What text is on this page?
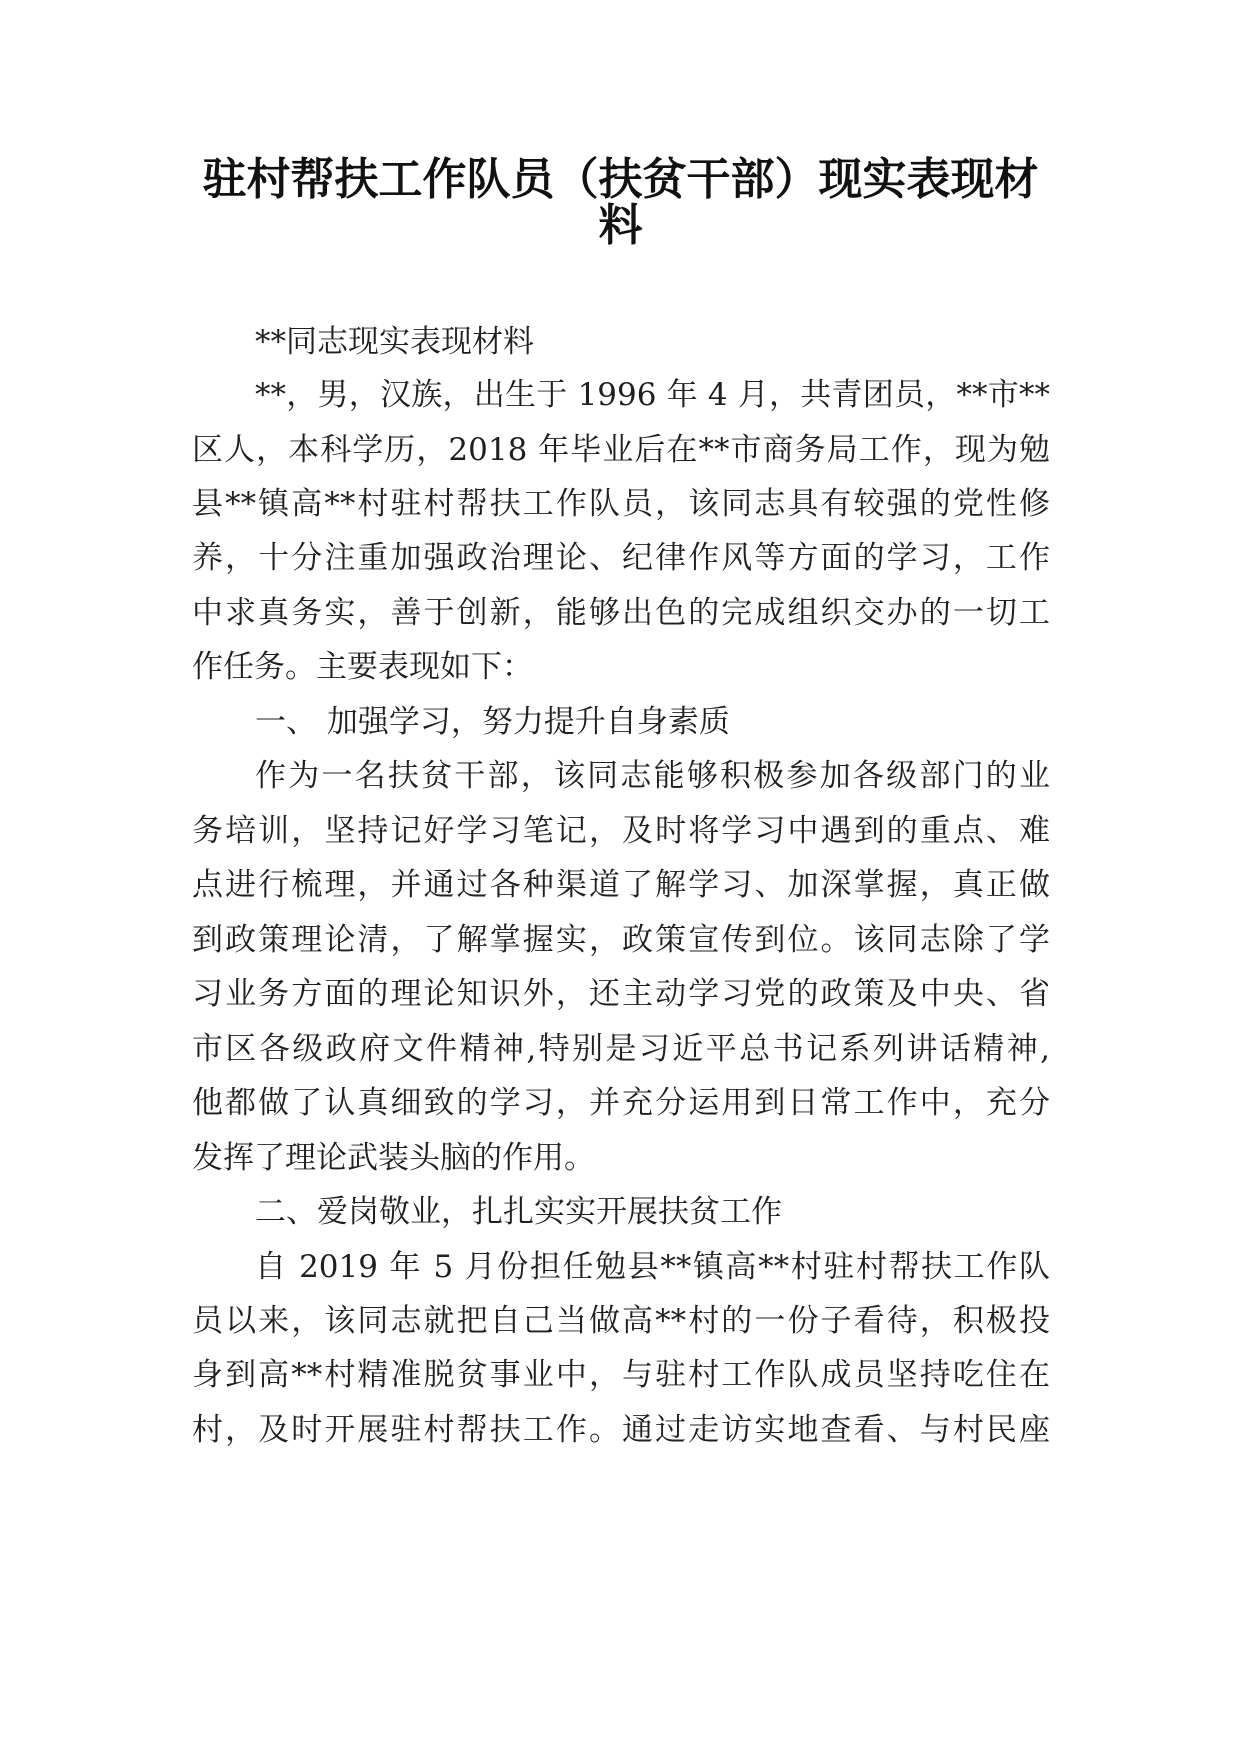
驻村帮扶工作队员（扶贫干部）现实表现材
料
**同志现实表现材料
**，男，汉族，出生于 1996 年 4 月，共青团员，**市**
区人，本科学历，2018 年毕业后在**市商务局工作，现为勉
县**镇高**村驻村帮扶工作队员，该同志具有较强的党性修
养，十分注重加强政治理论、纪律作风等方面的学习，工作
中求真务实，善于创新，能够出色的完成组织交办的一切工
作任务。主要表现如下：
一、 加强学习，努力提升自身素质
作为一名扶贫干部，该同志能够积极参加各级部门的业
务培训，坚持记好学习笔记，及时将学习中遇到的重点、难
点进行梳理，并通过各种渠道了解学习、加深掌握，真正做
到政策理论清，了解掌握实，政策宣传到位。该同志除了学
习业务方面的理论知识外，还主动学习党的政策及中央、省
市区各级政府文件精神,特别是习近平总书记系列讲话精神,
他都做了认真细致的学习，并充分运用到日常工作中，充分
发挥了理论武装头脑的作用。
二、爱岗敬业，扎扎实实开展扶贫工作
自 2019 年 5 月份担任勉县**镇高**村驻村帮扶工作队
员以来，该同志就把自己当做高**村的一份子看待，积极投
身到高**村精准脱贫事业中，与驻村工作队成员坚持吃住在
村，及时开展驻村帮扶工作。通过走访实地查看、与村民座
